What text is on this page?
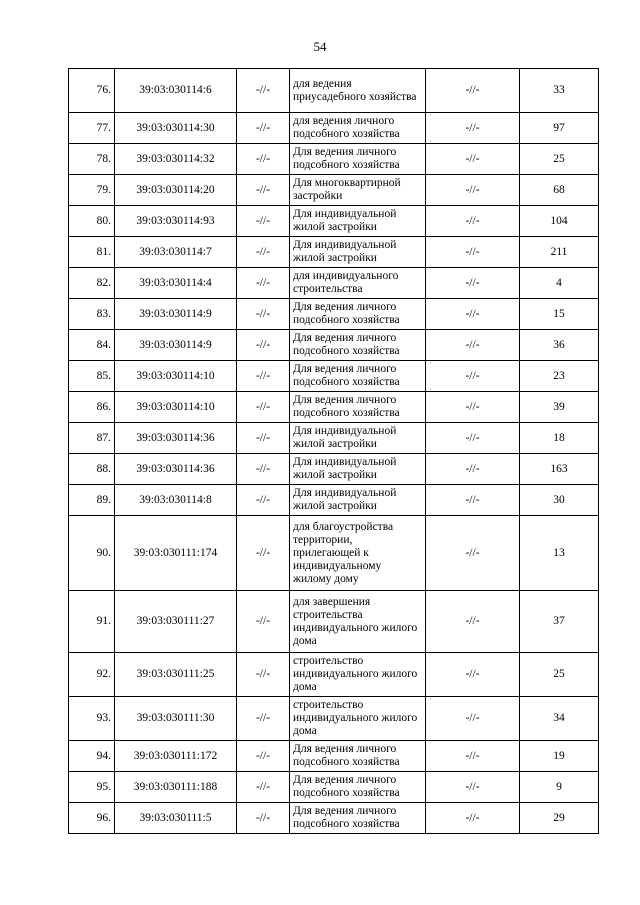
54
76.	39:03:030114:6	-//-	для ведения приусадебного хозяйства	-//-	33
77.	39:03:030114:30	-//-	для ведения личного подсобного хозяйства	-//-	97
78.	39:03:030114:32	-//-	Для ведения личного подсобного хозяйства	-//-	25
79.	39:03:030114:20	-//-	Для многоквартирной застройки	-//-	68
80.	39:03:030114:93	-//-	Для индивидуальной жилой застройки	-//-	104
81.	39:03:030114:7	-//-	Для индивидуальной жилой застройки	-//-	211
82.	39:03:030114:4	-//-	для индивидуального строительства	-//-	4
83.	39:03:030114:9	-//-	Для ведения личного подсобного хозяйства	-//-	15
84.	39:03:030114:9	-//-	Для ведения личного подсобного хозяйства	-//-	36
85.	39:03:030114:10	-//-	Для ведения личного подсобного хозяйства	-//-	23
86.	39:03:030114:10	-//-	Для ведения личного подсобного хозяйства	-//-	39
87.	39:03:030114:36	-//-	Для индивидуальной жилой застройки	-//-	18
88.	39:03:030114:36	-//-	Для индивидуальной жилой застройки	-//-	163
89.	39:03:030114:8	-//-	Для индивидуальной жилой застройки	-//-	30
90.	39:03:030111:174	-//-	для благоустройства территории, прилегающей к индивидуальному жилому дому	-//-	13
91.	39:03:030111:27	-//-	для завершения строительства индивидуального жилого дома	-//-	37
92.	39:03:030111:25	-//-	строительство индивидуального жилого дома	-//-	25
93.	39:03:030111:30	-//-	строительство индивидуального жилого дома	-//-	34
94.	39:03:030111:172	-//-	Для ведения личного подсобного хозяйства	-//-	19
95.	39:03:030111:188	-//-	Для ведения личного подсобного хозяйства	-//-	9
96.	39:03:030111:5	-//-	Для ведения личного подсобного хозяйства	-//-	29
